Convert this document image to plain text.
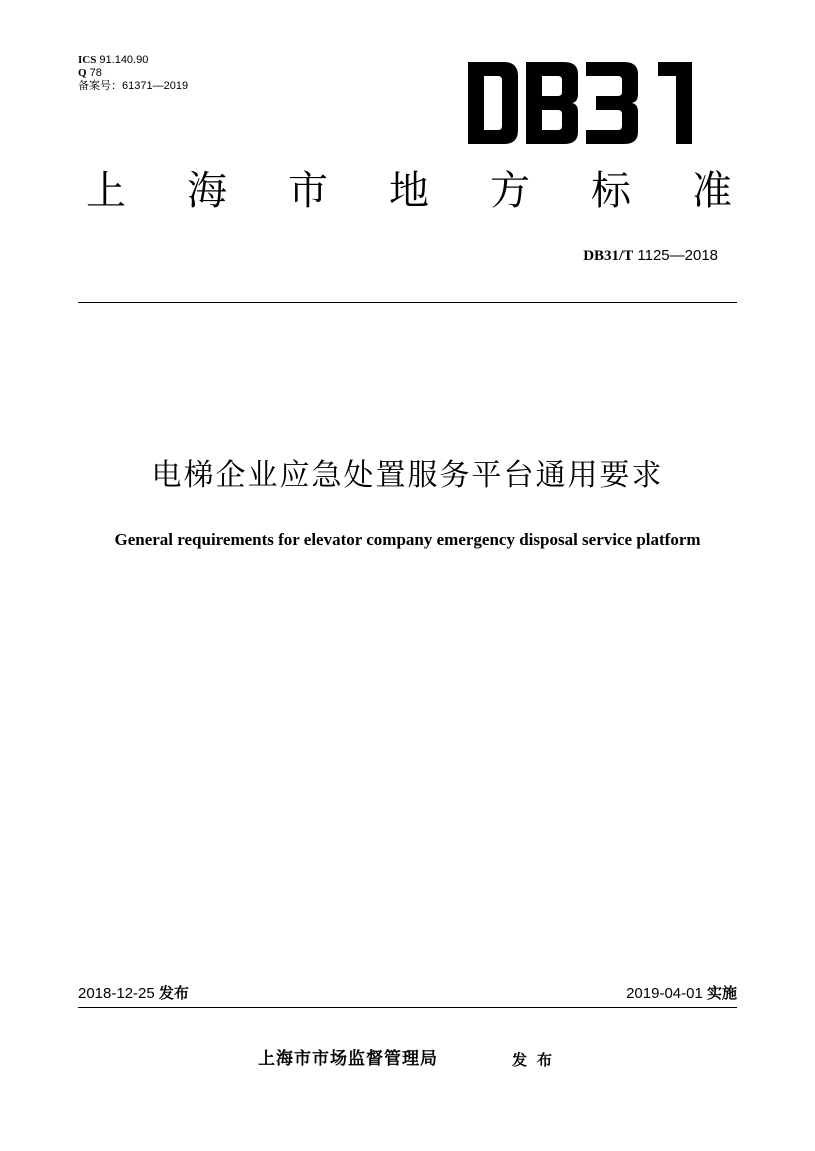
ICS 91.140.90
Q 78
备案号：61371—2019
上 海 市 地 方 标 准
DB31/T 1125—2018
电梯企业应急处置服务平台通用要求
General requirements for elevator company emergency disposal service platform
2018-12-25 发布	2019-04-01 实施
上海市市场监督管理局	发布
